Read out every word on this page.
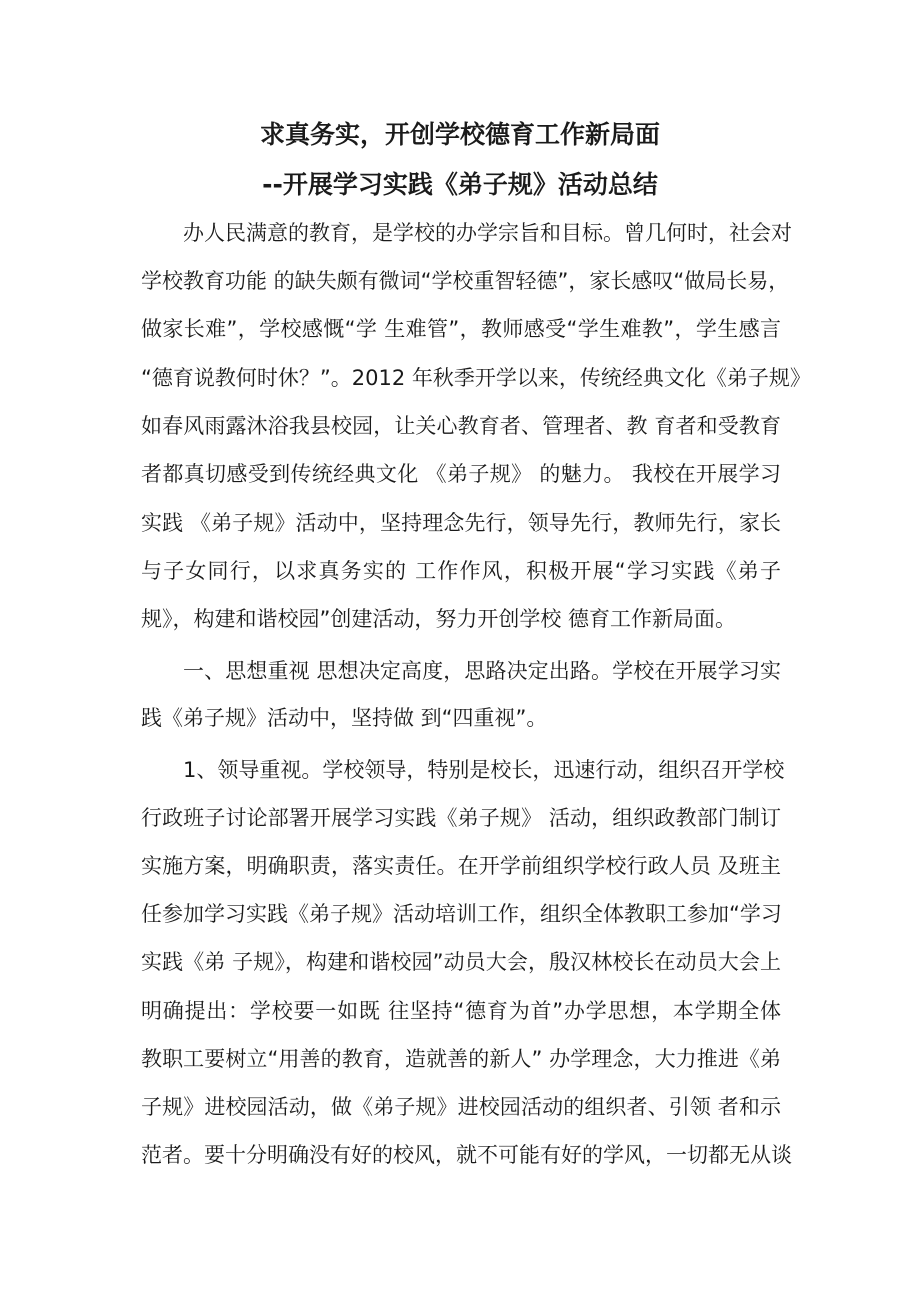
求真务实，开创学校德育工作新局面
--开展学习实践《弟子规》活动总结
办人民满意的教育，是学校的办学宗旨和目标。曾几何时，社会对
学校教育功能 的缺失颇有微词“学校重智轻德”，家长感叹“做局长易，
做家长难”，学校感慨“学 生难管”，教师感受“学生难教”，学生感言
“德育说教何时休？”。2012 年秋季开学以来，传统经典文化《弟子规》
如春风雨露沐浴我县校园，让关心教育者、管理者、教 育者和受教育
者都真切感受到传统经典文化 《弟子规》 的魅力。 我校在开展学习
实践 《弟子规》活动中，坚持理念先行，领导先行，教师先行，家长
与子女同行，以求真务实的 工作作风，积极开展“学习实践《弟子
规》，构建和谐校园”创建活动，努力开创学校 德育工作新局面。
一、思想重视 思想决定高度，思路决定出路。学校在开展学习实
践《弟子规》活动中，坚持做 到“四重视”。
1、领导重视。学校领导，特别是校长，迅速行动，组织召开学校
行政班子讨论部署开展学习实践《弟子规》 活动，组织政教部门制订
实施方案，明确职责，落实责任。在开学前组织学校行政人员 及班主
任参加学习实践《弟子规》活动培训工作，组织全体教职工参加“学习
实践《弟 子规》，构建和谐校园”动员大会，殷汉林校长在动员大会上
明确提出：学校要一如既 往坚持“德育为首”办学思想，本学期全体
教职工要树立“用善的教育，造就善的新人” 办学理念，大力推进《弟
子规》进校园活动，做《弟子规》进校园活动的组织者、引领 者和示
范者。要十分明确没有好的校风，就不可能有好的学风，一切都无从谈
